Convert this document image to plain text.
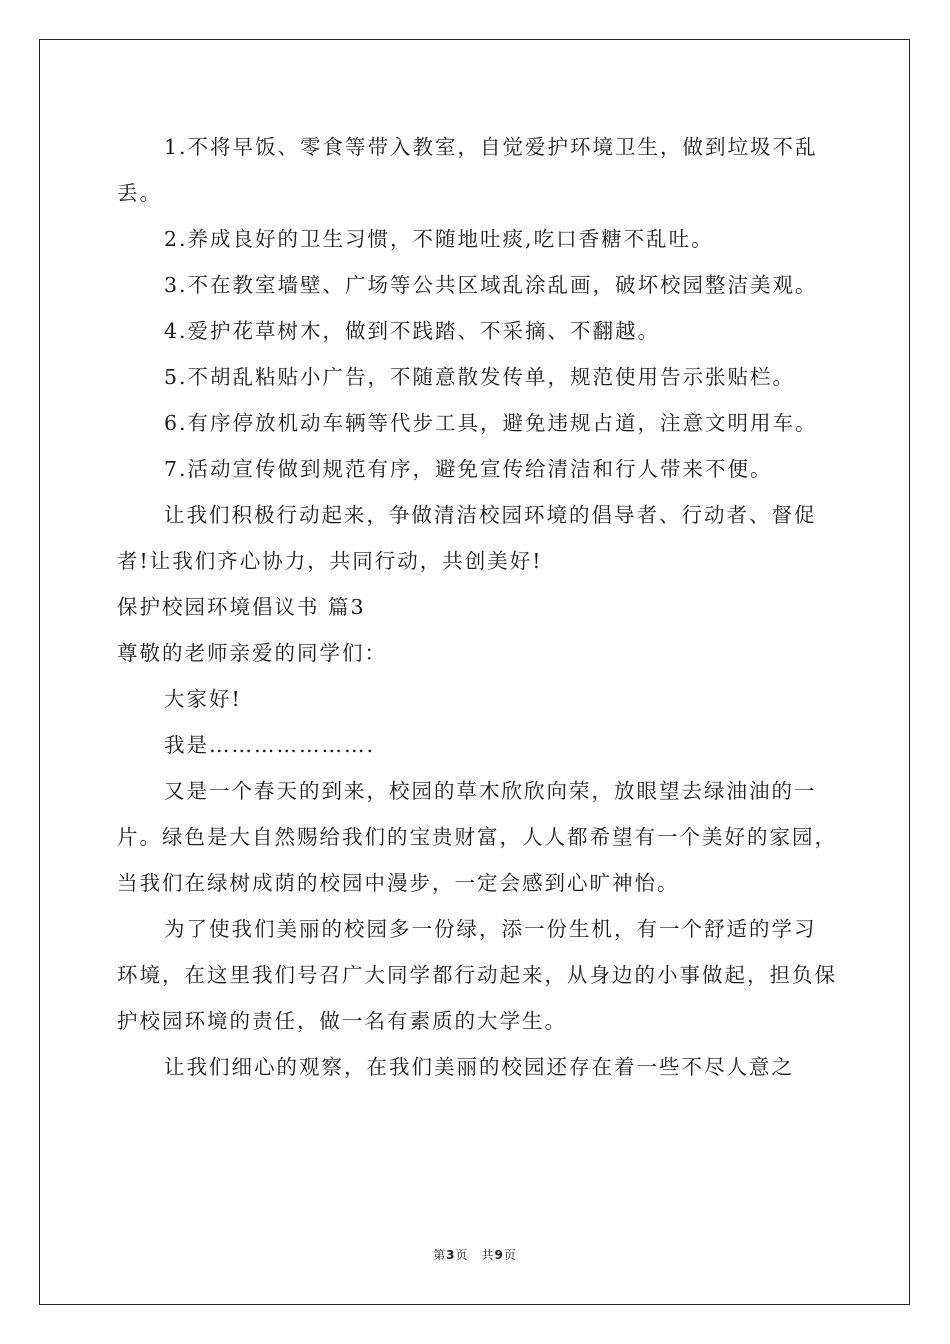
1.不将早饭、零食等带入教室，自觉爱护环境卫生，做到垃圾不乱丢。

2.养成良好的卫生习惯，不随地吐痰,吃口香糖不乱吐。

3.不在教室墙壁、广场等公共区域乱涂乱画，破坏校园整洁美观。

4.爱护花草树木，做到不践踏、不采摘、不翻越。

5.不胡乱粘贴小广告，不随意散发传单，规范使用告示张贴栏。

6.有序停放机动车辆等代步工具，避免违规占道，注意文明用车。

7.活动宣传做到规范有序，避免宣传给清洁和行人带来不便。

让我们积极行动起来，争做清洁校园环境的倡导者、行动者、督促者!让我们齐心协力，共同行动，共创美好!

保护校园环境倡议书 篇3

尊敬的老师亲爱的同学们：

大家好!

我是………………….

又是一个春天的到来，校园的草木欣欣向荣，放眼望去绿油油的一片。绿色是大自然赐给我们的宝贵财富，人人都希望有一个美好的家园，当我们在绿树成荫的校园中漫步，一定会感到心旷神怡。

为了使我们美丽的校园多一份绿，添一份生机，有一个舒适的学习环境，在这里我们号召广大同学都行动起来，从身边的小事做起，担负保护校园环境的责任，做一名有素质的大学生。

让我们细心的观察，在我们美丽的校园还存在着一些不尽人意之

第3页　共9页
